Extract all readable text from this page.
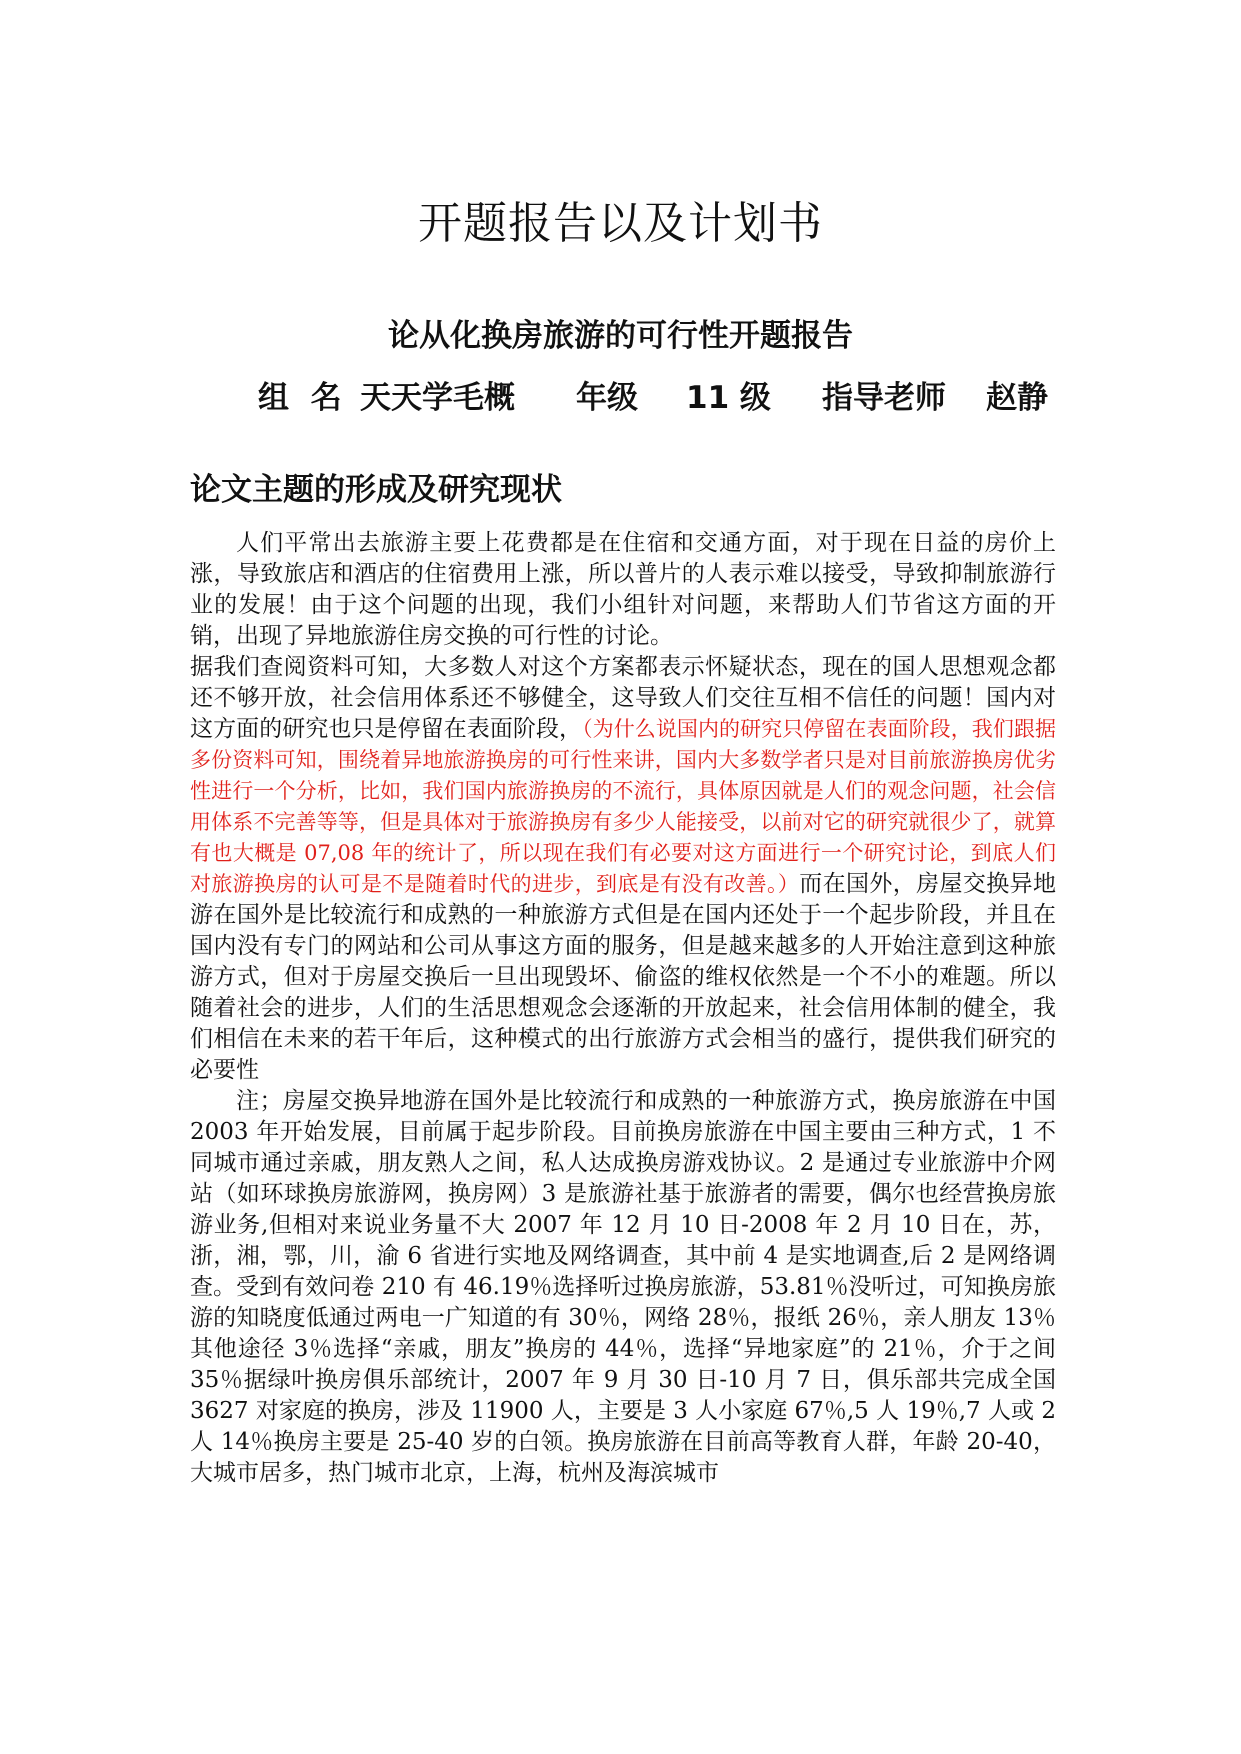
开题报告以及计划书
论从化换房旅游的可行性开题报告
组  名 天天学毛概 年级 11 级 指导老师 赵静
论文主题的形成及研究现状

人们平常出去旅游主要上花费都是在住宿和交通方面，对于现在日益的房价上涨，导致旅店和酒店的住宿费用上涨，所以普片的人表示难以接受，导致抑制旅游行业的发展！由于这个问题的出现，我们小组针对问题，来帮助人们节省这方面的开销，出现了异地旅游住房交换的可行性的讨论。

据我们查阅资料可知，大多数人对这个方案都表示怀疑状态，现在的国人思想观念都还不够开放，社会信用体系还不够健全，这导致人们交往互相不信任的问题！国内对这方面的研究也只是停留在表面阶段，（为什么说国内的研究只停留在表面阶段，我们跟据多份资料可知，围绕着异地旅游换房的可行性来讲，国内大多数学者只是对目前旅游换房优劣性进行一个分析，比如，我们国内旅游换房的不流行，具体原因就是人们的观念问题，社会信用体系不完善等等，但是具体对于旅游换房有多少人能接受，以前对它的研究就很少了，就算有也大概是 07,08 年的统计了，所以现在我们有必要对这方面进行一个研究讨论，到底人们对旅游换房的认可是不是随着时代的进步，到底是有没有改善。）而在国外，房屋交换异地游在国外是比较流行和成熟的一种旅游方式但是在国内还处于一个起步阶段，并且在国内没有专门的网站和公司从事这方面的服务，但是越来越多的人开始注意到这种旅游方式，但对于房屋交换后一旦出现毁坏、偷盗的维权依然是一个不小的难题。所以随着社会的进步，人们的生活思想观念会逐渐的开放起来，社会信用体制的健全，我们相信在未来的若干年后，这种模式的出行旅游方式会相当的盛行，提供我们研究的必要性

注；房屋交换异地游在国外是比较流行和成熟的一种旅游方式，换房旅游在中国 2003 年开始发展，目前属于起步阶段。目前换房旅游在中国主要由三种方式，1 不同城市通过亲戚，朋友熟人之间，私人达成换房游戏协议。2 是通过专业旅游中介网站（如环球换房旅游网，换房网）3 是旅游社基于旅游者的需要，偶尔也经营换房旅游业务,但相对来说业务量不大 2007 年 12 月 10 日-2008 年 2 月 10 日在，苏，浙，湘，鄂，川，渝 6 省进行实地及网络调查，其中前 4 是实地调查,后 2 是网络调查。受到有效问卷 210 有 46.19％选择听过换房旅游，53.81％没听过，可知换房旅游的知晓度低通过两电一广知道的有 30％，网络 28％，报纸 26％，亲人朋友 13％其他途径 3％选择“亲戚，朋友”换房的 44％，选择“异地家庭”的 21％，介于之间 35％据绿叶换房俱乐部统计，2007 年 9 月 30 日-10 月 7 日，俱乐部共完成全国 3627 对家庭的换房，涉及 11900 人，主要是 3 人小家庭 67％,5 人 19％,7 人或 2 人 14％换房主要是 25-40 岁的白领。换房旅游在目前高等教育人群，年龄 20-40，大城市居多，热门城市北京，上海，杭州及海滨城市
